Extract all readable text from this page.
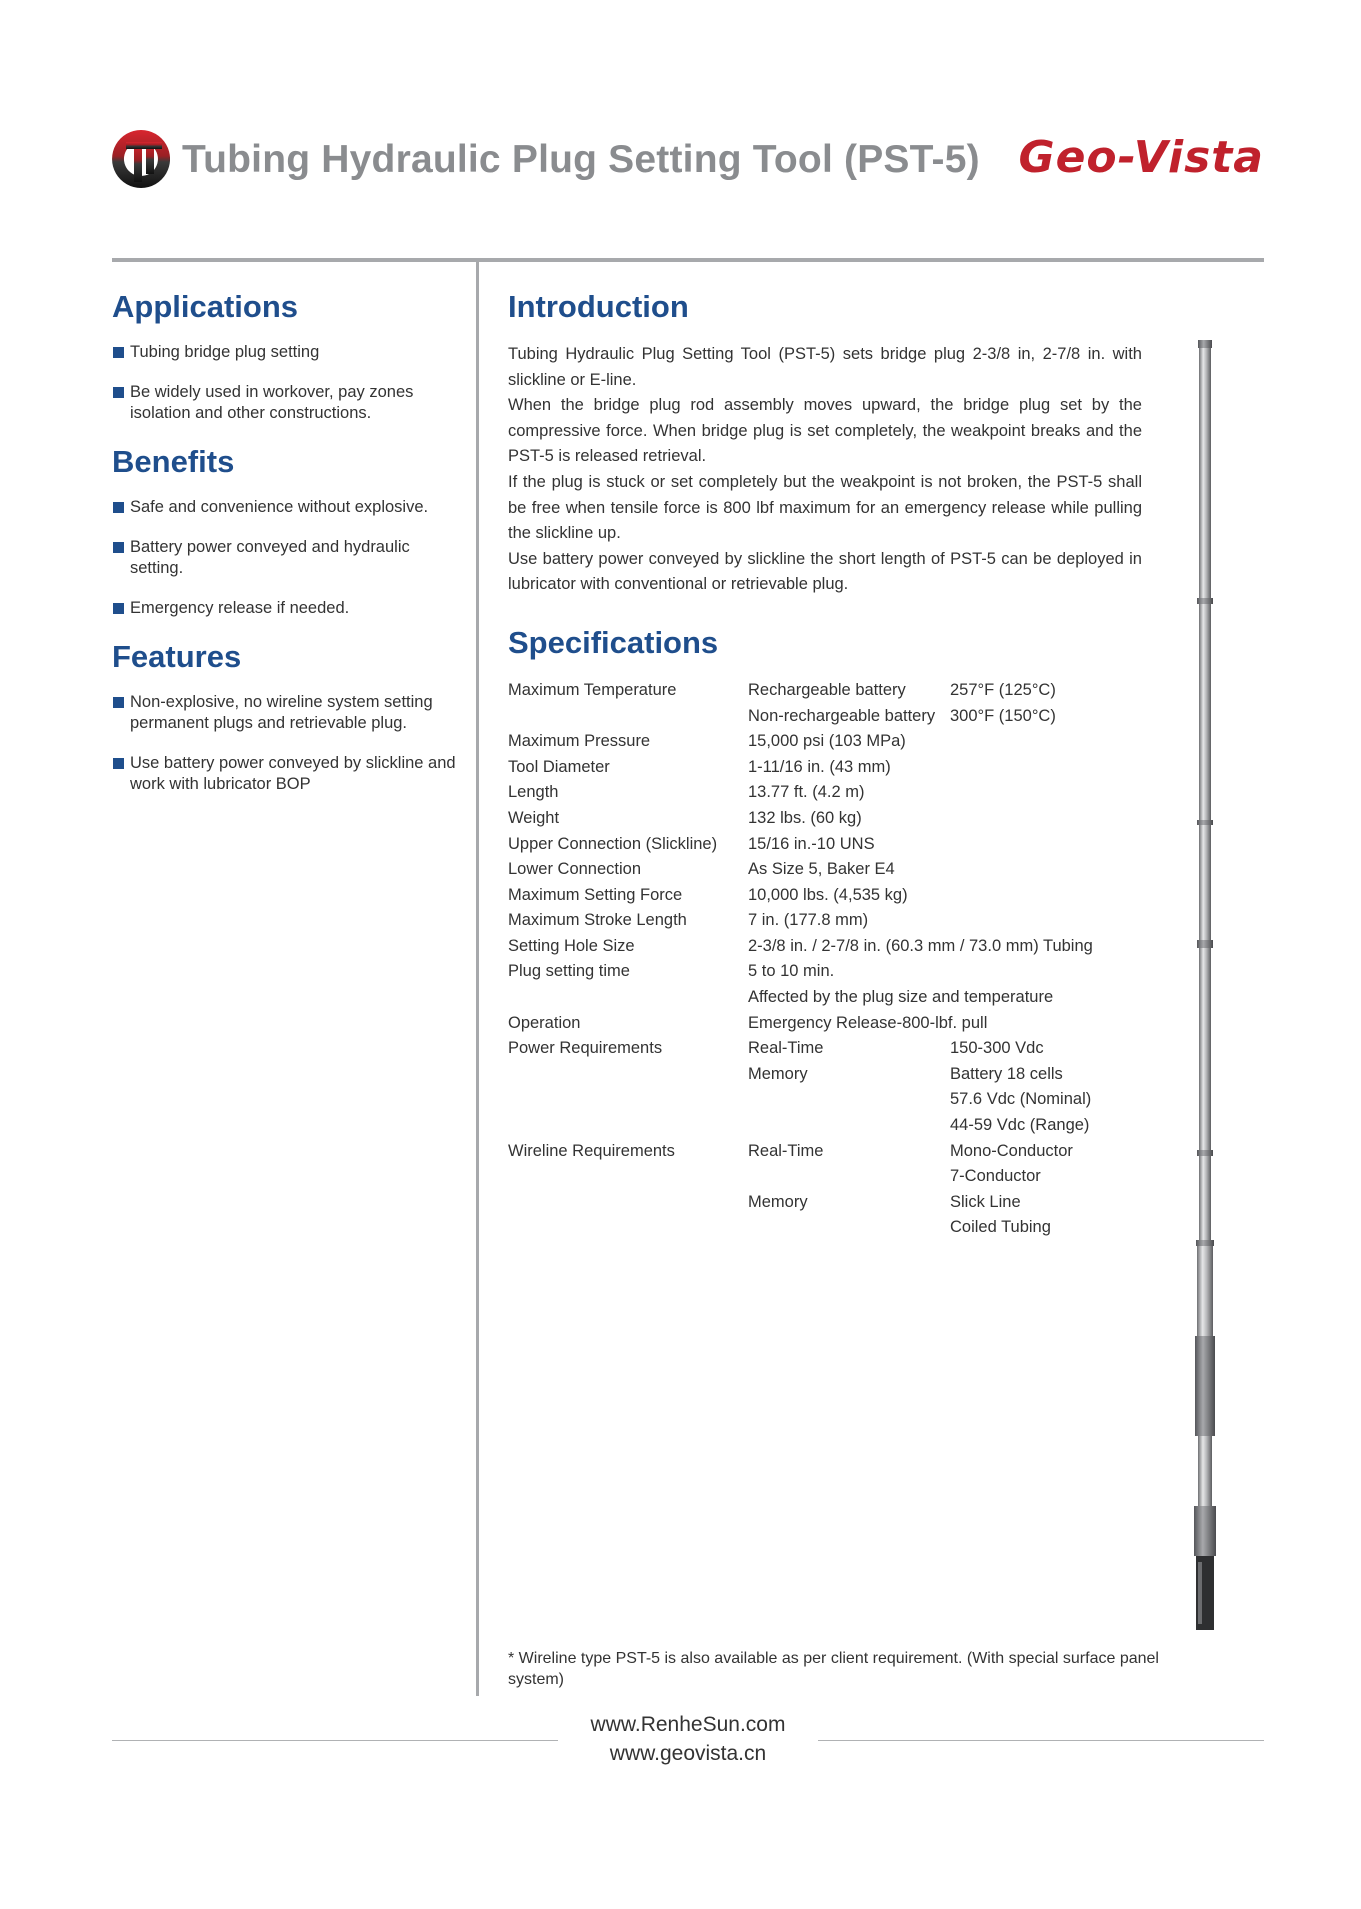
Tubing Hydraulic Plug Setting Tool (PST-5) Geo-Vista
Applications
Tubing bridge plug setting
Be widely used in workover, pay zones isolation and other constructions.
Benefits
Safe and convenience without explosive.
Battery power conveyed and hydraulic setting.
Emergency release if needed.
Features
Non-explosive, no wireline system setting permanent plugs and retrievable plug.
Use battery power conveyed by slickline and work with lubricator BOP
Introduction

Tubing Hydraulic Plug Setting Tool (PST-5) sets bridge plug 2-3/8 in, 2-7/8 in. with slickline or E-line.

When the bridge plug rod assembly moves upward, the bridge plug set by the compressive force. When bridge plug is set completely, the weakpoint breaks and the PST-5 is released retrieval.

If the plug is stuck or set completely but the weakpoint is not broken, the PST-5 shall be free when tensile force is 800 lbf maximum for an emergency release while pulling the slickline up.

Use battery power conveyed by slickline the short length of PST-5 can be deployed in lubricator with conventional or retrievable plug.

Specifications
Maximum Temperature	Rechargeable battery	257°F (125°C)
Non-rechargeable battery 300°F (150°C)
Maximum Pressure	15,000 psi (103 MPa)
Tool Diameter	1-11/16 in. (43 mm)
Length	13.77 ft. (4.2 m)
Weight	132 lbs. (60 kg)
Upper Connection (Slickline)	15/16 in.-10 UNS
Lower Connection	As Size 5, Baker E4
Maximum Setting Force	10,000 lbs. (4,535 kg)
Maximum Stroke Length	7 in. (177.8 mm)
Setting Hole Size	2-3/8 in. / 2-7/8 in. (60.3 mm / 73.0 mm) Tubing
Plug setting time	5 to 10 min.
Affected by the plug size and temperature
Operation	Emergency Release-800-lbf. pull
Power Requirements	Real-Time	150-300 Vdc
Memory	Battery 18 cells
57.6 Vdc (Nominal)
44-59 Vdc (Range)
Wireline Requirements	Real-Time	Mono-Conductor
7-Conductor
Memory	Slick Line
Coiled Tubing
* Wireline type PST-5 is also available as per client requirement. (With special surface panel system)
www.RenheSun.com
www.geovista.cn
